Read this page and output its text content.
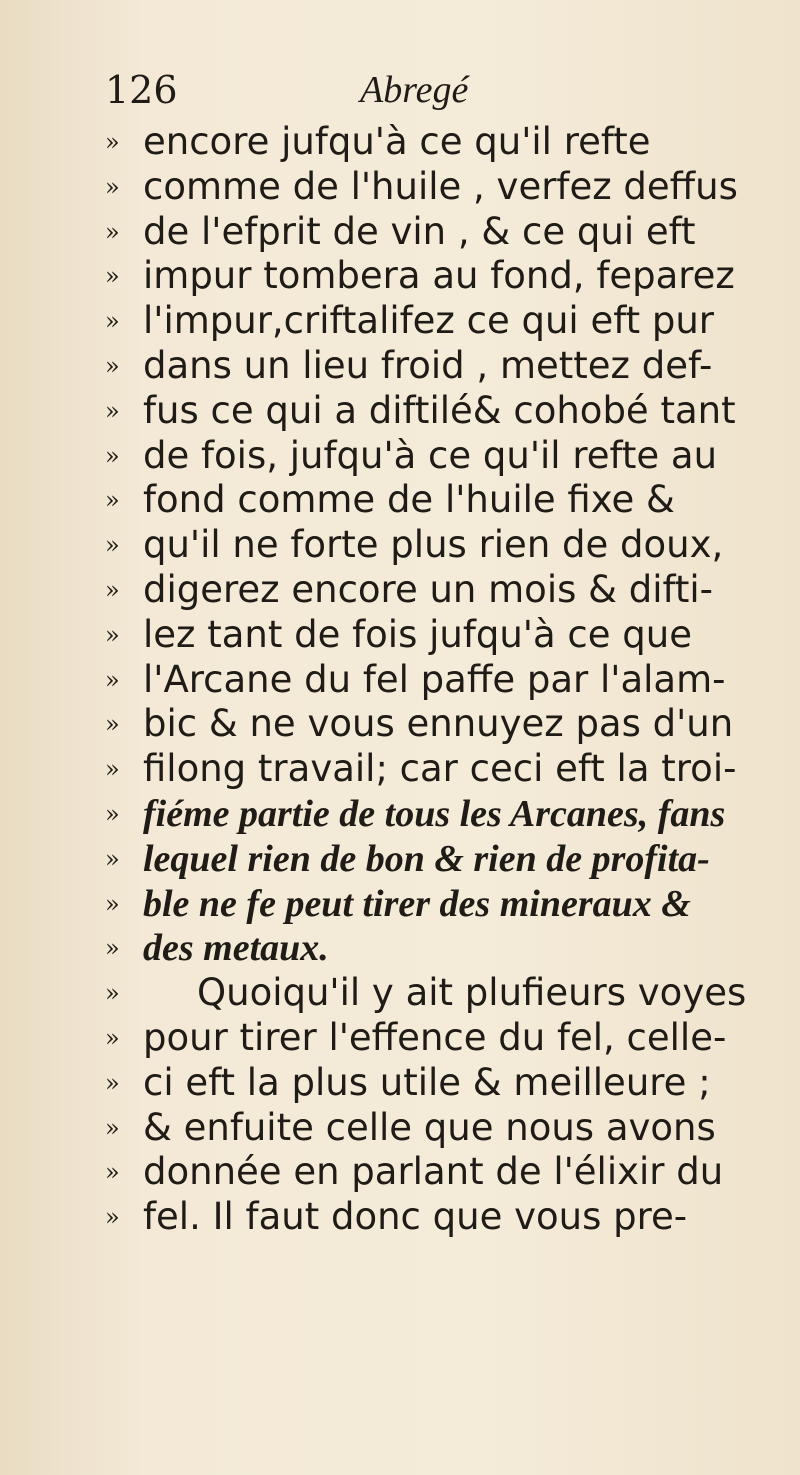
126	Abregé
» encore jufqu'à ce qu'il refte
» comme de l'huile , verfez deffus
» de l'efprit de vin , & ce qui eft
» impur tombera au fond, feparez
» l'impur,criftalifez ce qui eft pur
» dans un lieu froid , mettez def-
» fus ce qui a diftilé& cohobé tant
» de fois, jufqu'à ce qu'il refte au
» fond comme de l'huile fixe &
» qu'il ne forte plus rien de doux,
» digerez encore un mois & difti-
» lez tant de fois jufqu'à ce que
» l'Arcane du fel paffe par l'alam-
» bic & ne vous ennuyez pas d'un
» filong travail; car ceci eft la troi-
» fiéme partie de tous les Arcanes, fans
» lequel rien de bon & rien de profita-
» ble ne fe peut tirer des mineraux &
» des metaux.
» Quoiqu'il y ait plufieurs voyes
» pour tirer l'effence du fel, celle-
» ci eft la plus utile & meilleure ;
» & enfuite celle que nous avons
» donnée en parlant de l'élixir du
» fel. Il faut donc que vous pre-
